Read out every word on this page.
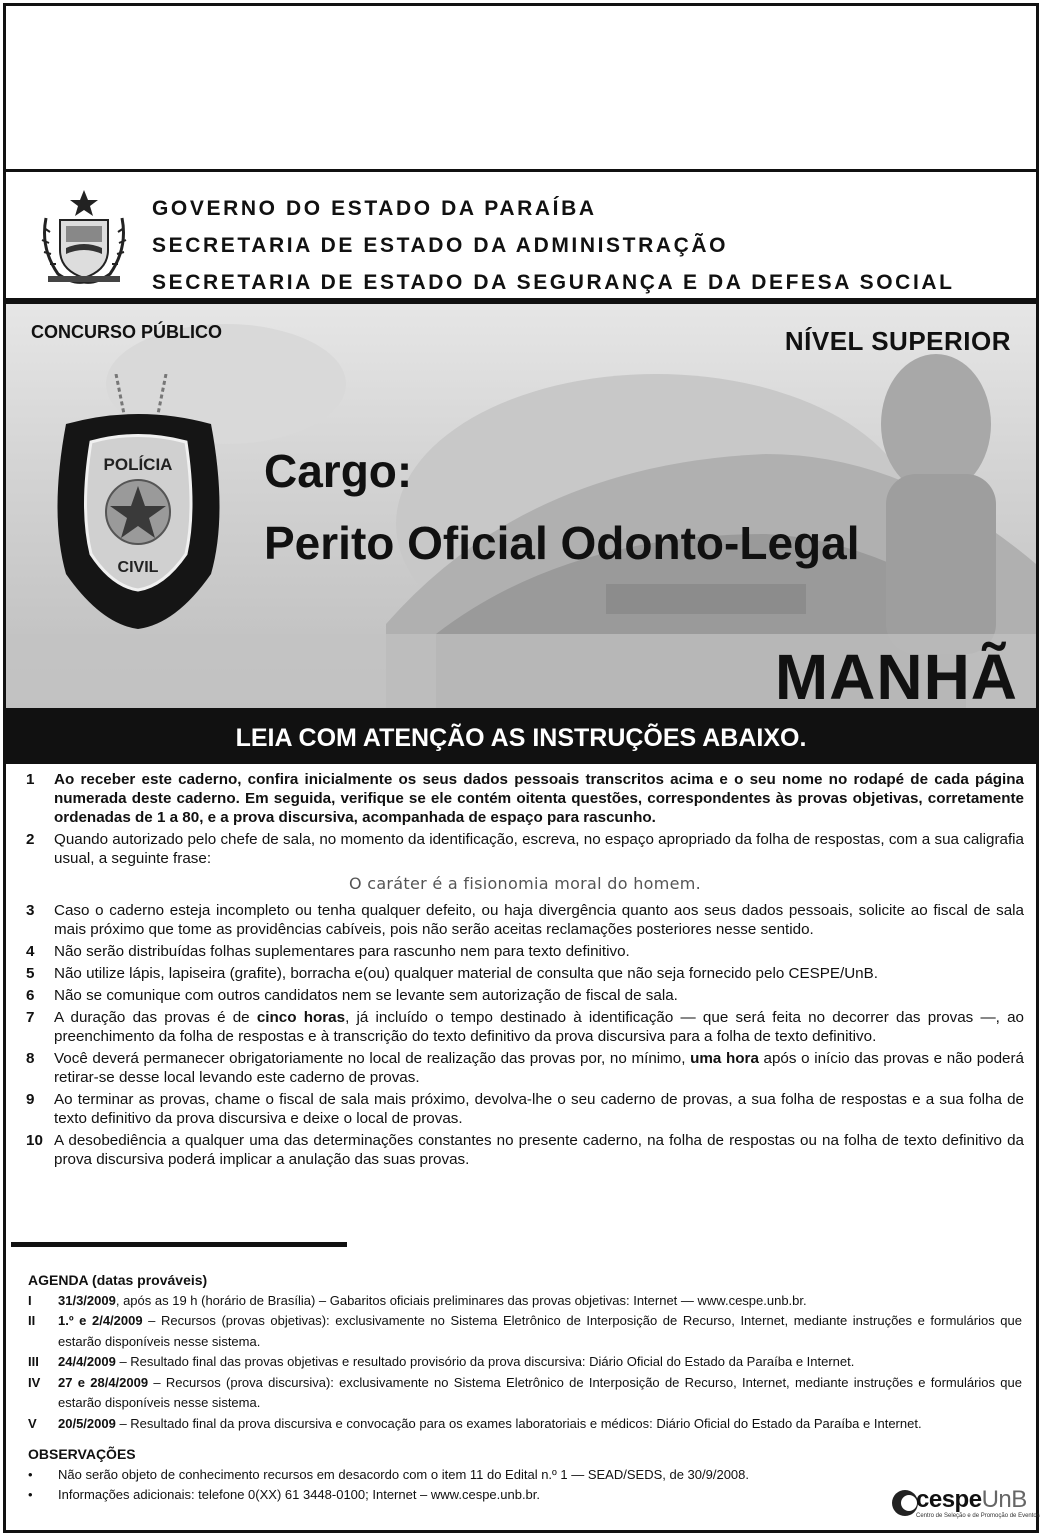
GOVERNO DO ESTADO DA PARAÍBA
SECRETARIA DE ESTADO DA ADMINISTRAÇÃO
SECRETARIA DE ESTADO DA SEGURANÇA E DA DEFESA SOCIAL
CONCURSO PÚBLICO	NÍVEL SUPERIOR
POLÍCIA
CIVIL
Cargo:
Perito Oficial Odonto-Legal
MANHÃ
LEIA COM ATENÇÃO AS INSTRUÇÕES ABAIXO.
1	Ao receber este caderno, confira inicialmente os seus dados pessoais transcritos acima e o seu nome no rodapé de cada página numerada deste caderno. Em seguida, verifique se ele contém oitenta questões, correspondentes às provas objetivas, corretamente ordenadas de 1 a 80, e a prova discursiva, acompanhada de espaço para rascunho.
2	Quando autorizado pelo chefe de sala, no momento da identificação, escreva, no espaço apropriado da folha de respostas, com a sua caligrafia usual, a seguinte frase:
O caráter é a fisionomia moral do homem.
3	Caso o caderno esteja incompleto ou tenha qualquer defeito, ou haja divergência quanto aos seus dados pessoais, solicite ao fiscal de sala mais próximo que tome as providências cabíveis, pois não serão aceitas reclamações posteriores nesse sentido.
4	Não serão distribuídas folhas suplementares para rascunho nem para texto definitivo.
5	Não utilize lápis, lapiseira (grafite), borracha e(ou) qualquer material de consulta que não seja fornecido pelo CESPE/UnB.
6	Não se comunique com outros candidatos nem se levante sem autorização de fiscal de sala.
7	A duração das provas é de cinco horas, já incluído o tempo destinado à identificação — que será feita no decorrer das provas —, ao preenchimento da folha de respostas e à transcrição do texto definitivo da prova discursiva para a folha de texto definitivo.
8	Você deverá permanecer obrigatoriamente no local de realização das provas por, no mínimo, uma hora após o início das provas e não poderá retirar-se desse local levando este caderno de provas.
9	Ao terminar as provas, chame o fiscal de sala mais próximo, devolva-lhe o seu caderno de provas, a sua folha de respostas e a sua folha de texto definitivo da prova discursiva e deixe o local de provas.
10 A desobediência a qualquer uma das determinações constantes no presente caderno, na folha de respostas ou na folha de texto definitivo da prova discursiva poderá implicar a anulação das suas provas.
AGENDA (datas prováveis)
I	31/3/2009, após as 19 h (horário de Brasília) – Gabaritos oficiais preliminares das provas objetivas: Internet — www.cespe.unb.br.
II	1.º e 2/4/2009 – Recursos (provas objetivas): exclusivamente no Sistema Eletrônico de Interposição de Recurso, Internet, mediante instruções e formulários que estarão disponíveis nesse sistema.
III	24/4/2009 – Resultado final das provas objetivas e resultado provisório da prova discursiva: Diário Oficial do Estado da Paraíba e Internet.
IV	27 e 28/4/2009 – Recursos (prova discursiva): exclusivamente no Sistema Eletrônico de Interposição de Recurso, Internet, mediante instruções e formulários que estarão disponíveis nesse sistema.
V	20/5/2009 – Resultado final da prova discursiva e convocação para os exames laboratoriais e médicos: Diário Oficial do Estado da Paraíba e Internet.
OBSERVAÇÕES
•	Não serão objeto de conhecimento recursos em desacordo com o item 11 do Edital n.º 1 — SEAD/SEDS, de 30/9/2008.
•	Informações adicionais: telefone 0(XX) 61 3448-0100; Internet – www.cespe.unb.br.	cespeUnB
Centro de Seleção e de Promoção de Eventos
